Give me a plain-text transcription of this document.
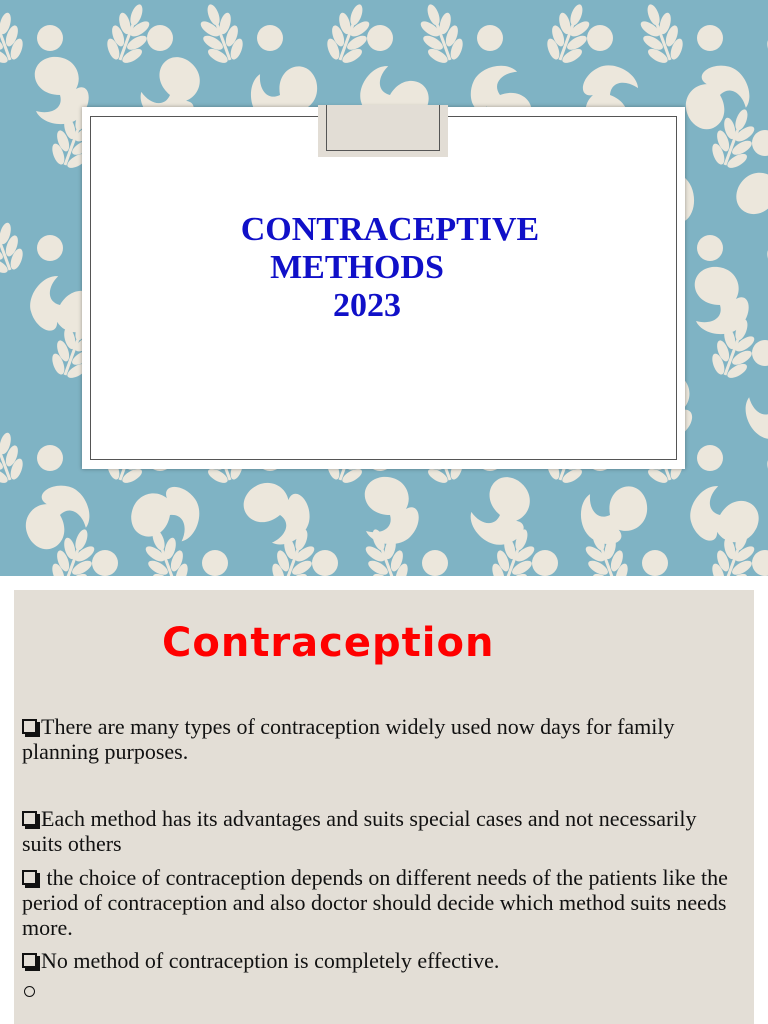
CONTRACEPTIVE
METHODS
2023
Contraception

There are many types of contraception widely used now days for family planning purposes.

Each method has its advantages and suits special cases and not necessarily suits others

the choice of contraception depends on different needs of the patients like the period of contraception and also doctor should decide which method suits needs more.

No method of contraception is completely effective.
